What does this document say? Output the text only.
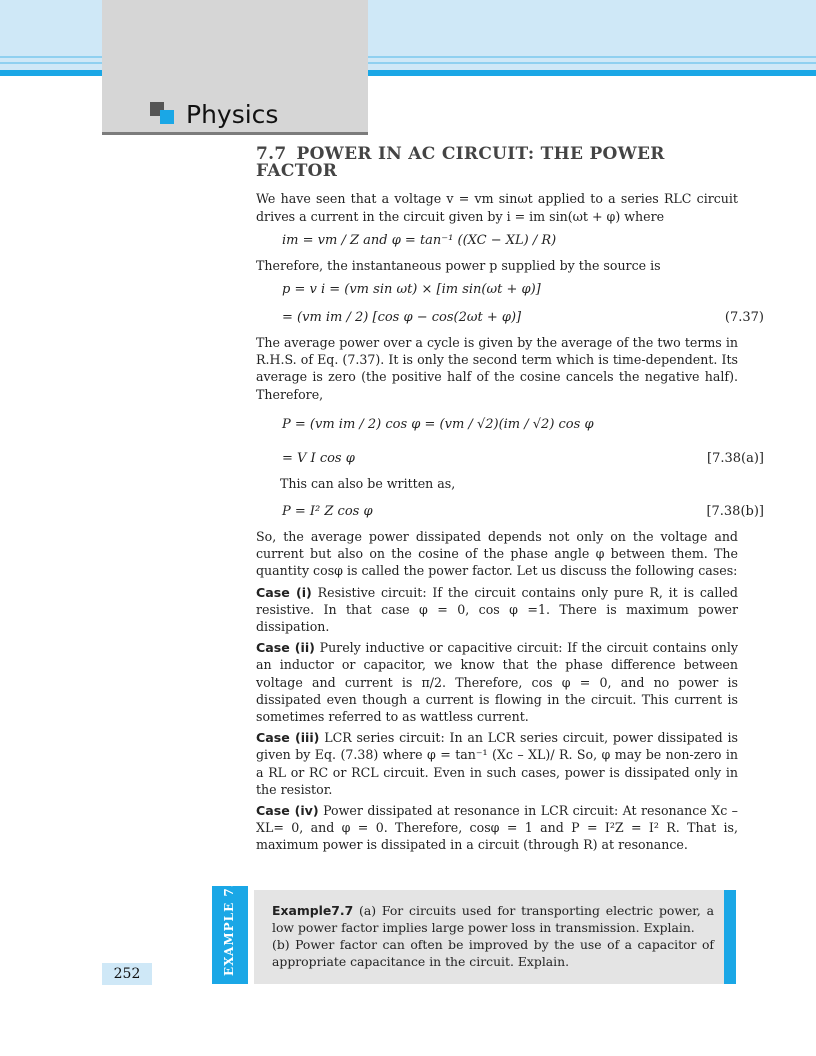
Physics
7.7 POWER IN AC CIRCUIT: THE POWER FACTOR

We have seen that a voltage v = vm sinωt applied to a series RLC circuit drives a current in the circuit given by i = im sin(ωt + φ) where

im = vm / Z and φ = tan⁻¹ ((XC − XL) / R)

Therefore, the instantaneous power p supplied by the source is

p = v i = (vm sin ωt) × [im sin(ωt + φ)]
= (vm im / 2) [cos φ − cos(2ωt + φ)]	(7.37)

The average power over a cycle is given by the average of the two terms in R.H.S. of Eq. (7.37). It is only the second term which is time-dependent. Its average is zero (the positive half of the cosine cancels the negative half). Therefore,

P = (vm im / 2) cos φ = (vm / √2)(im / √2) cos φ
= V I cos φ	[7.38(a)]

This can also be written as,

P = I² Z cos φ	[7.38(b)]

So, the average power dissipated depends not only on the voltage and current but also on the cosine of the phase angle φ between them. The quantity cosφ is called the power factor. Let us discuss the following cases:

Case (i) Resistive circuit: If the circuit contains only pure R, it is called resistive. In that case φ = 0, cos φ =1. There is maximum power dissipation.

Case (ii) Purely inductive or capacitive circuit: If the circuit contains only an inductor or capacitor, we know that the phase difference between voltage and current is π/2. Therefore, cos φ = 0, and no power is dissipated even though a current is flowing in the circuit. This current is sometimes referred to as wattless current.

Case (iii) LCR series circuit: In an LCR series circuit, power dissipated is given by Eq. (7.38) where φ = tan⁻¹ (Xc – XL)/ R. So, φ may be non-zero in a RL or RC or RCL circuit. Even in such cases, power is dissipated only in the resistor.

Case (iv) Power dissipated at resonance in LCR circuit: At resonance Xc – XL= 0, and φ = 0. Therefore, cosφ = 1 and P = I²Z = I² R. That is, maximum power is dissipated in a circuit (through R) at resonance.

EXAMPLE 7.7	Example7.7 (a) For circuits used for transporting electric power, a low power factor implies large power loss in transmission. Explain.
(b) Power factor can often be improved by the use of a capacitor of appropriate capacitance in the circuit. Explain.
252
